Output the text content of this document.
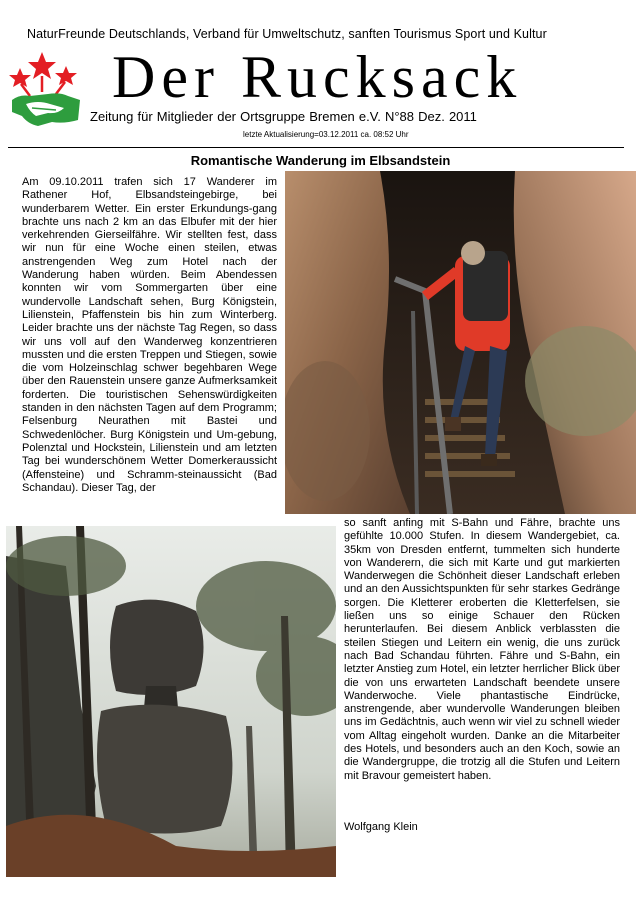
NaturFreunde Deutschlands, Verband für Umweltschutz, sanften Tourismus Sport und Kultur
Der Rucksack
Zeitung für Mitglieder der Ortsgruppe Bremen e.V. N°88 Dez. 2011
letzte Aktualisierung=03.12.2011 ca. 08:52 Uhr
Romantische Wanderung im Elbsandstein
Am 09.10.2011 trafen sich 17 Wanderer im Rathener Hof, Elbsandsteingebirge, bei wunderbarem Wetter. Ein erster Erkundungs-gang brachte uns nach 2 km an das Elbufer mit der hier verkehrenden Gierseilfähre. Wir stellten fest, dass wir nun für eine Woche einen steilen, etwas anstrengenden Weg zum Hotel nach der Wanderung haben würden. Beim Abendessen konnten wir vom Sommergarten über eine wundervolle Landschaft sehen, Burg Königstein, Lilienstein, Pfaffenstein bis hin zum Winterberg. Leider brachte uns der nächste Tag Regen, so dass wir uns voll auf den Wanderweg konzentrieren mussten und die ersten Treppen und Stiegen, sowie die vom Holzeinschlag schwer begehbaren Wege über den Rauenstein unsere ganze Aufmerksamkeit forderten. Die touristischen Sehenswürdigkeiten standen in den nächsten Tagen auf dem Programm; Felsenburg Neurathen mit Bastei und Schwedenlöcher. Burg Königstein und Um-gebung, Polenztal und Hockstein, Lilienstein und am letzten Tag bei wunderschönem Wetter Domerkeraussicht (Affensteine) und Schramm-steinaussicht (Bad Schandau). Dieser Tag, der
so sanft anfing mit S-Bahn und Fähre, brachte uns gefühlte 10.000 Stufen. In diesem Wandergebiet, ca. 35km von Dresden entfernt, tummelten sich hunderte von Wanderern, die sich mit Karte und gut markierten Wanderwegen die Schönheit dieser Landschaft erleben und an den Aussichtspunkten für sehr starkes Gedränge sorgen. Die Kletterer eroberten die Kletterfelsen, sie ließen uns so einige Schauer den Rücken herunterlaufen. Bei diesem Anblick verblassten die steilen Stiegen und Leitern ein wenig, die uns zurück nach Bad Schandau führten. Fähre und S-Bahn, ein letzter Anstieg zum Hotel, ein letzter herrlicher Blick über die von uns erwarteten Landschaft beendete unsere Wanderwoche. Viele phantastische Eindrücke, anstrengende, aber wundervolle Wanderungen bleiben uns im Gedächtnis, auch wenn wir viel zu schnell wieder vom Alltag eingeholt wurden. Danke an die Mitarbeiter des Hotels, und besonders auch an den Koch, sowie an die Wandergruppe, die trotzig all die Stufen und Leitern mit Bravour gemeistert haben.
Wolfgang Klein
